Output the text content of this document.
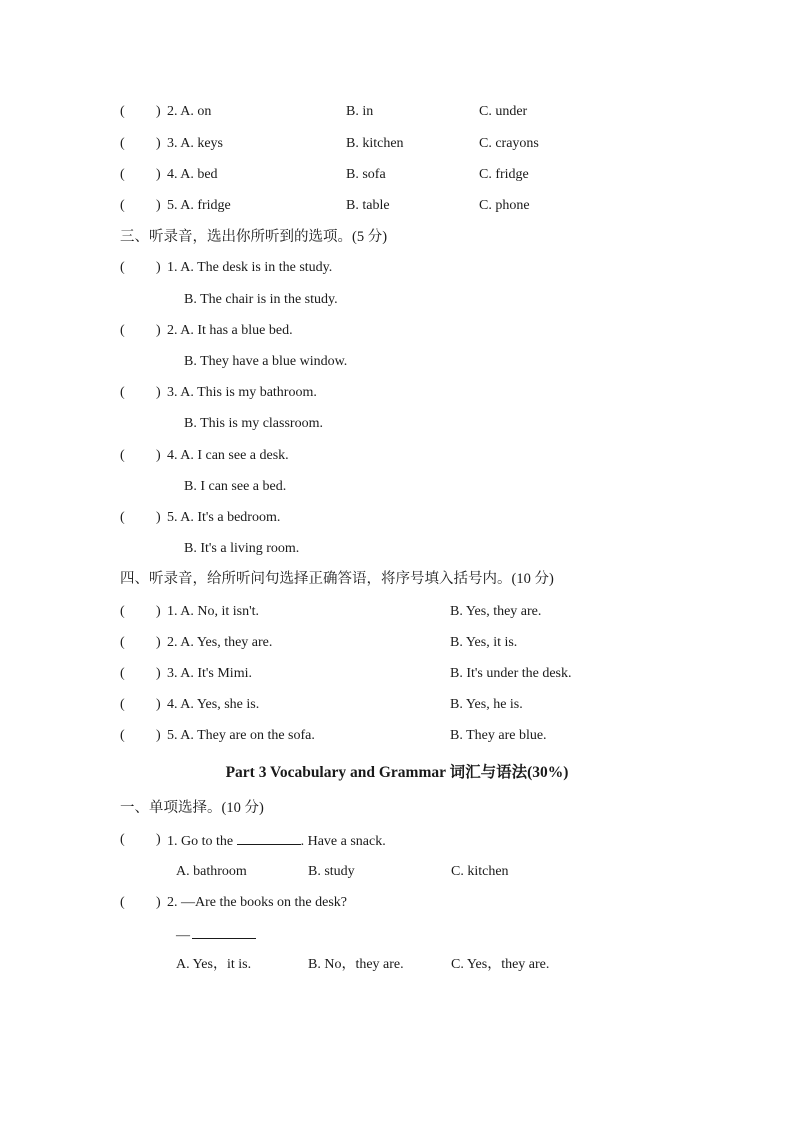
( ) 2. A. on	B. in	C. under
( ) 3. A. keys	B. kitchen	C. crayons
( ) 4. A. bed	B. sofa	C. fridge
( ) 5. A. fridge	B. table	C. phone
三、听录音，选出你所听到的选项。(5 分)
( ) 1. A. The desk is in the study.
B. The chair is in the study.
( ) 2. A. It has a blue bed.
B. They have a blue window.
( ) 3. A. This is my bathroom.
B. This is my classroom.
( ) 4. A. I can see a desk.
B. I can see a bed.
( ) 5. A. It's a bedroom.
B. It's a living room.
四、听录音，给所听问句选择正确答语，将序号填入括号内。(10 分)
( ) 1. A. No, it isn't.	B. Yes, they are.
( ) 2. A. Yes, they are.	B. Yes, it is.
( ) 3. A. It's Mimi.	B. It's under the desk.
( ) 4. A. Yes, she is.	B. Yes, he is.
( ) 5. A. They are on the sofa.	B. They are blue.
Part 3 Vocabulary and Grammar 词汇与语法(30%)
一、单项选择。(10 分)
( ) 1. Go to the	. Have a snack.
A. bathroom	B. study	C. kitchen
( ) 2. —Are the books on the desk?
—
A. Yes，it is.	B. No，they are.	C. Yes，they are.
